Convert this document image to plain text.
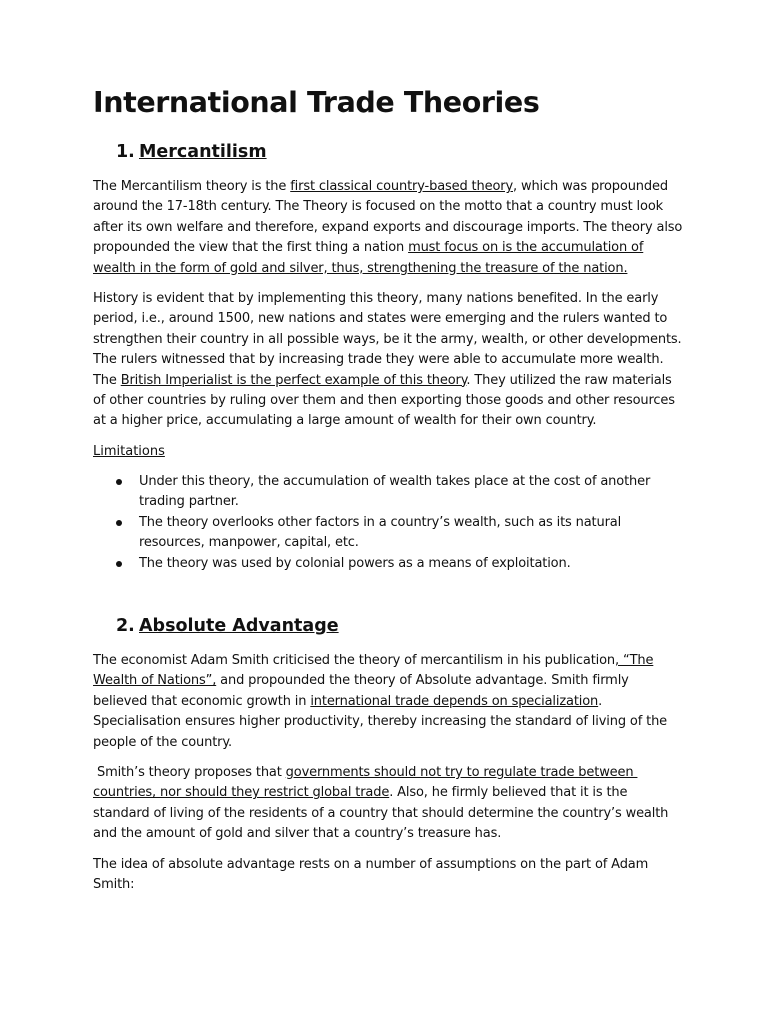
International Trade Theories
1. Mercantilism

The Mercantilism theory is the first classical country-based theory, which was propounded
around the 17-18th century. The Theory is focused on the motto that a country must look
after its own welfare and therefore, expand exports and discourage imports. The theory also
propounded the view that the first thing a nation must focus on is the accumulation of
wealth in the form of gold and silver, thus, strengthening the treasure of the nation.

History is evident that by implementing this theory, many nations benefited. In the early
period, i.e., around 1500, new nations and states were emerging and the rulers wanted to
strengthen their country in all possible ways, be it the army, wealth, or other developments.
The rulers witnessed that by increasing trade they were able to accumulate more wealth.
The British Imperialist is the perfect example of this theory. They utilized the raw materials
of other countries by ruling over them and then exporting those goods and other resources
at a higher price, accumulating a large amount of wealth for their own country.

Limitations

Under this theory, the accumulation of wealth takes place at the cost of another
trading partner.
The theory overlooks other factors in a country’s wealth, such as its natural
resources, manpower, capital, etc.
The theory was used by colonial powers as a means of exploitation.
2. Absolute Advantage

The economist Adam Smith criticised the theory of mercantilism in his publication, “The
Wealth of Nations”, and propounded the theory of Absolute advantage. Smith firmly
believed that economic growth in international trade depends on specialization.
Specialisation ensures higher productivity, thereby increasing the standard of living of the
people of the country.

Smith’s theory proposes that governments should not try to regulate trade between
countries, nor should they restrict global trade. Also, he firmly believed that it is the
standard of living of the residents of a country that should determine the country’s wealth
and the amount of gold and silver that a country’s treasure has.

The idea of absolute advantage rests on a number of assumptions on the part of Adam
Smith:
